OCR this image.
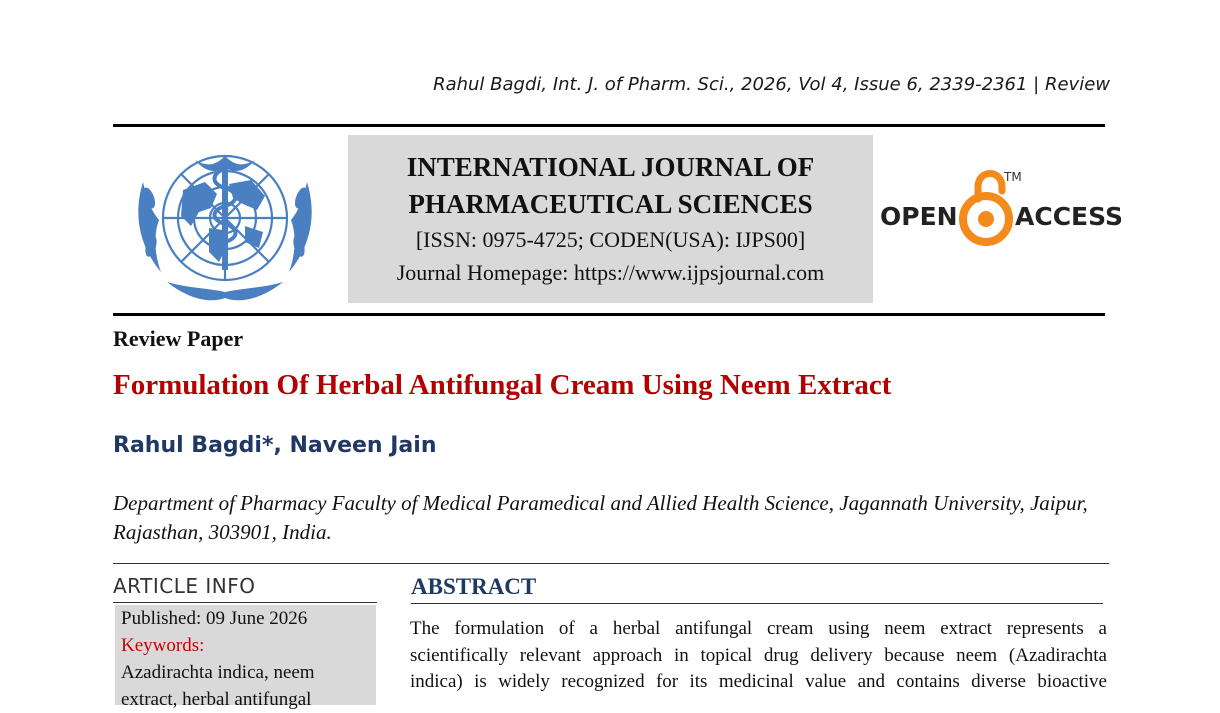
Rahul Bagdi, Int. J. of Pharm. Sci., 2026, Vol 4, Issue 6, 2339-2361 | Review
INTERNATIONAL JOURNAL OF
PHARMACEUTICAL SCIENCES
[ISSN: 0975-4725; CODEN(USA): IJPS00]
Journal Homepage: https://www.ijpsjournal.com
OPEN
TM
ACCESS
Review Paper
Formulation Of Herbal Antifungal Cream Using Neem Extract
Rahul Bagdi*, Naveen Jain
Department of Pharmacy Faculty of Medical Paramedical and Allied Health Science, Jagannath University, Jaipur, Rajasthan, 303901, India.
ARTICLE INFO
Published: 09 June 2026
Keywords:
Azadirachta indica, neem extract, herbal antifungal
ABSTRACT
The formulation of a herbal antifungal cream using neem extract represents a
scientifically relevant approach in topical drug delivery because neem (Azadirachta
indica) is widely recognized for its medicinal value and contains diverse bioactive
